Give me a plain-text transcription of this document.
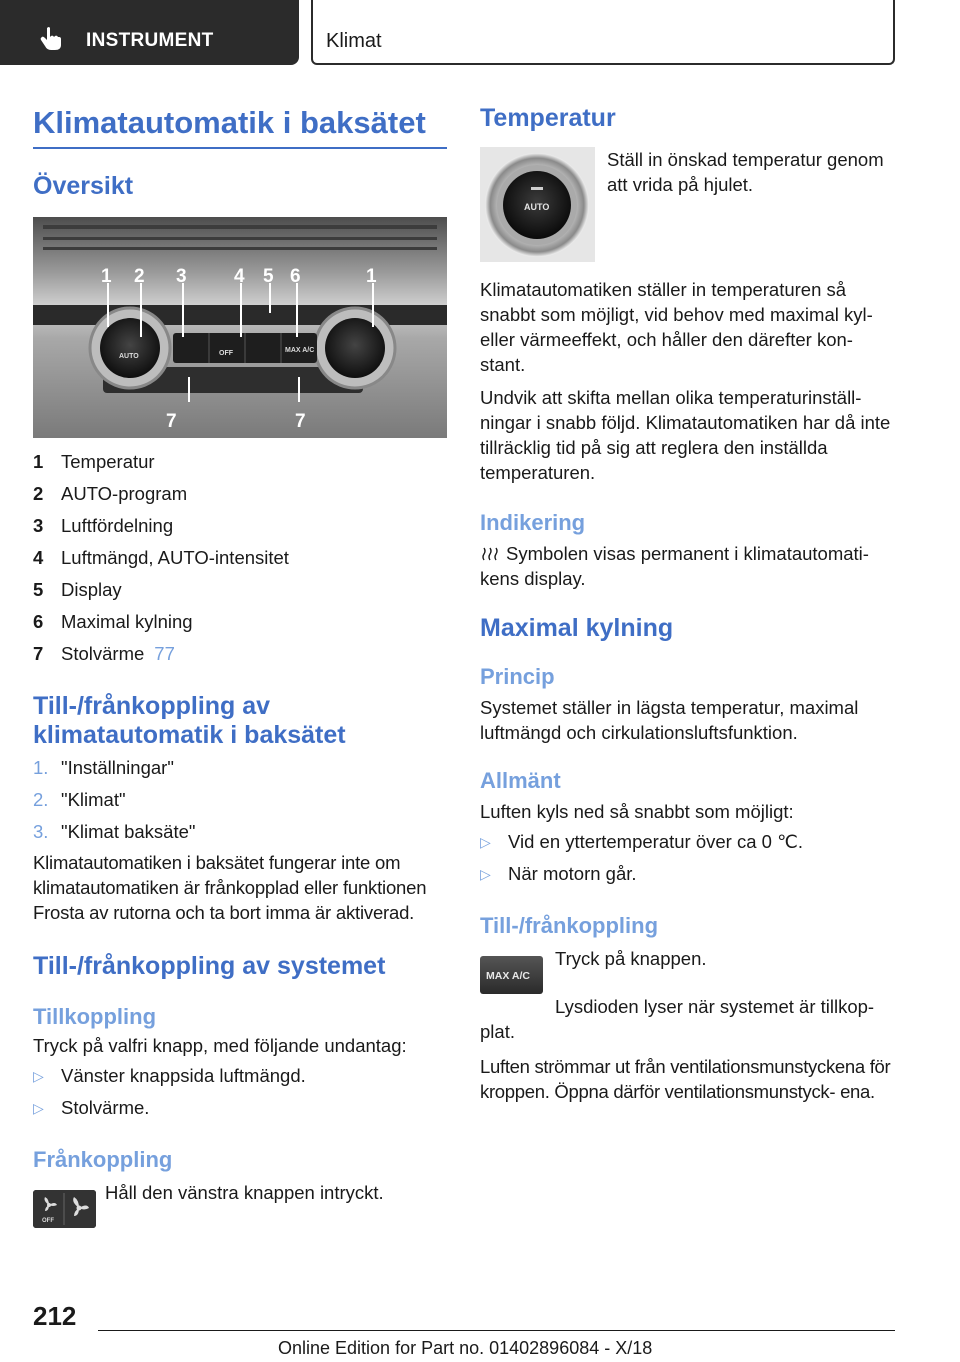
INSTRUMENT	Klimat
Klimatautomatik i baksätet
Översikt
AUTO	OFF	MAX A/C
1 2 3 4 5 6	1
7	7
1 Temperatur
2 AUTO-program
3 Luftfördelning
4 Luftmängd, AUTO-intensitet
5 Display
6 Maximal kylning
7 Stolvärme 77
Till-/frånkoppling av klimatautomatik i baksätet
1. "Inställningar"
2. "Klimat"
3. "Klimat baksäte"
Klimatautomatiken i baksätet fungerar inte om klimatautomatiken är frånkopplad eller funktionen Frosta av rutorna och ta bort imma är aktiverad.
Till-/frånkoppling av systemet
Tillkoppling
Tryck på valfri knapp, med följande undantag:
▷ Vänster knappsida luftmängd.
▷ Stolvärme.
Frånkoppling
OFF
Håll den vänstra knappen intryckt.
Temperatur
AUTO
Ställ in önskad temperatur genom att vrida på hjulet.
Klimatautomatiken ställer in temperaturen så snabbt som möjligt, vid behov med maximal kyl- eller värmeeffekt, och håller den därefter kon- stant.
Undvik att skifta mellan olika temperaturinställ- ningar i snabb följd. Klimatautomatiken har då inte tillräcklig tid på sig att reglera den inställda temperaturen.
Indikering
Symbolen visas permanent i klimatautomati- kens display.
Maximal kylning
Princip
Systemet ställer in lägsta temperatur, maximal luftmängd och cirkulationsluftsfunktion.
Allmänt
Luften kyls ned så snabbt som möjligt:
▷ Vid en yttertemperatur över ca 0 ℃.
▷ När motorn går.
Till-/frånkoppling
MAX A/C
Tryck på knappen.
Lysdioden lyser när systemet är tillkop- plat.
Luften strömmar ut från ventilationsmunstyckena för kroppen. Öppna därför ventilationsmunstyck- ena.
212
Online Edition for Part no. 01402896084 - X/18
